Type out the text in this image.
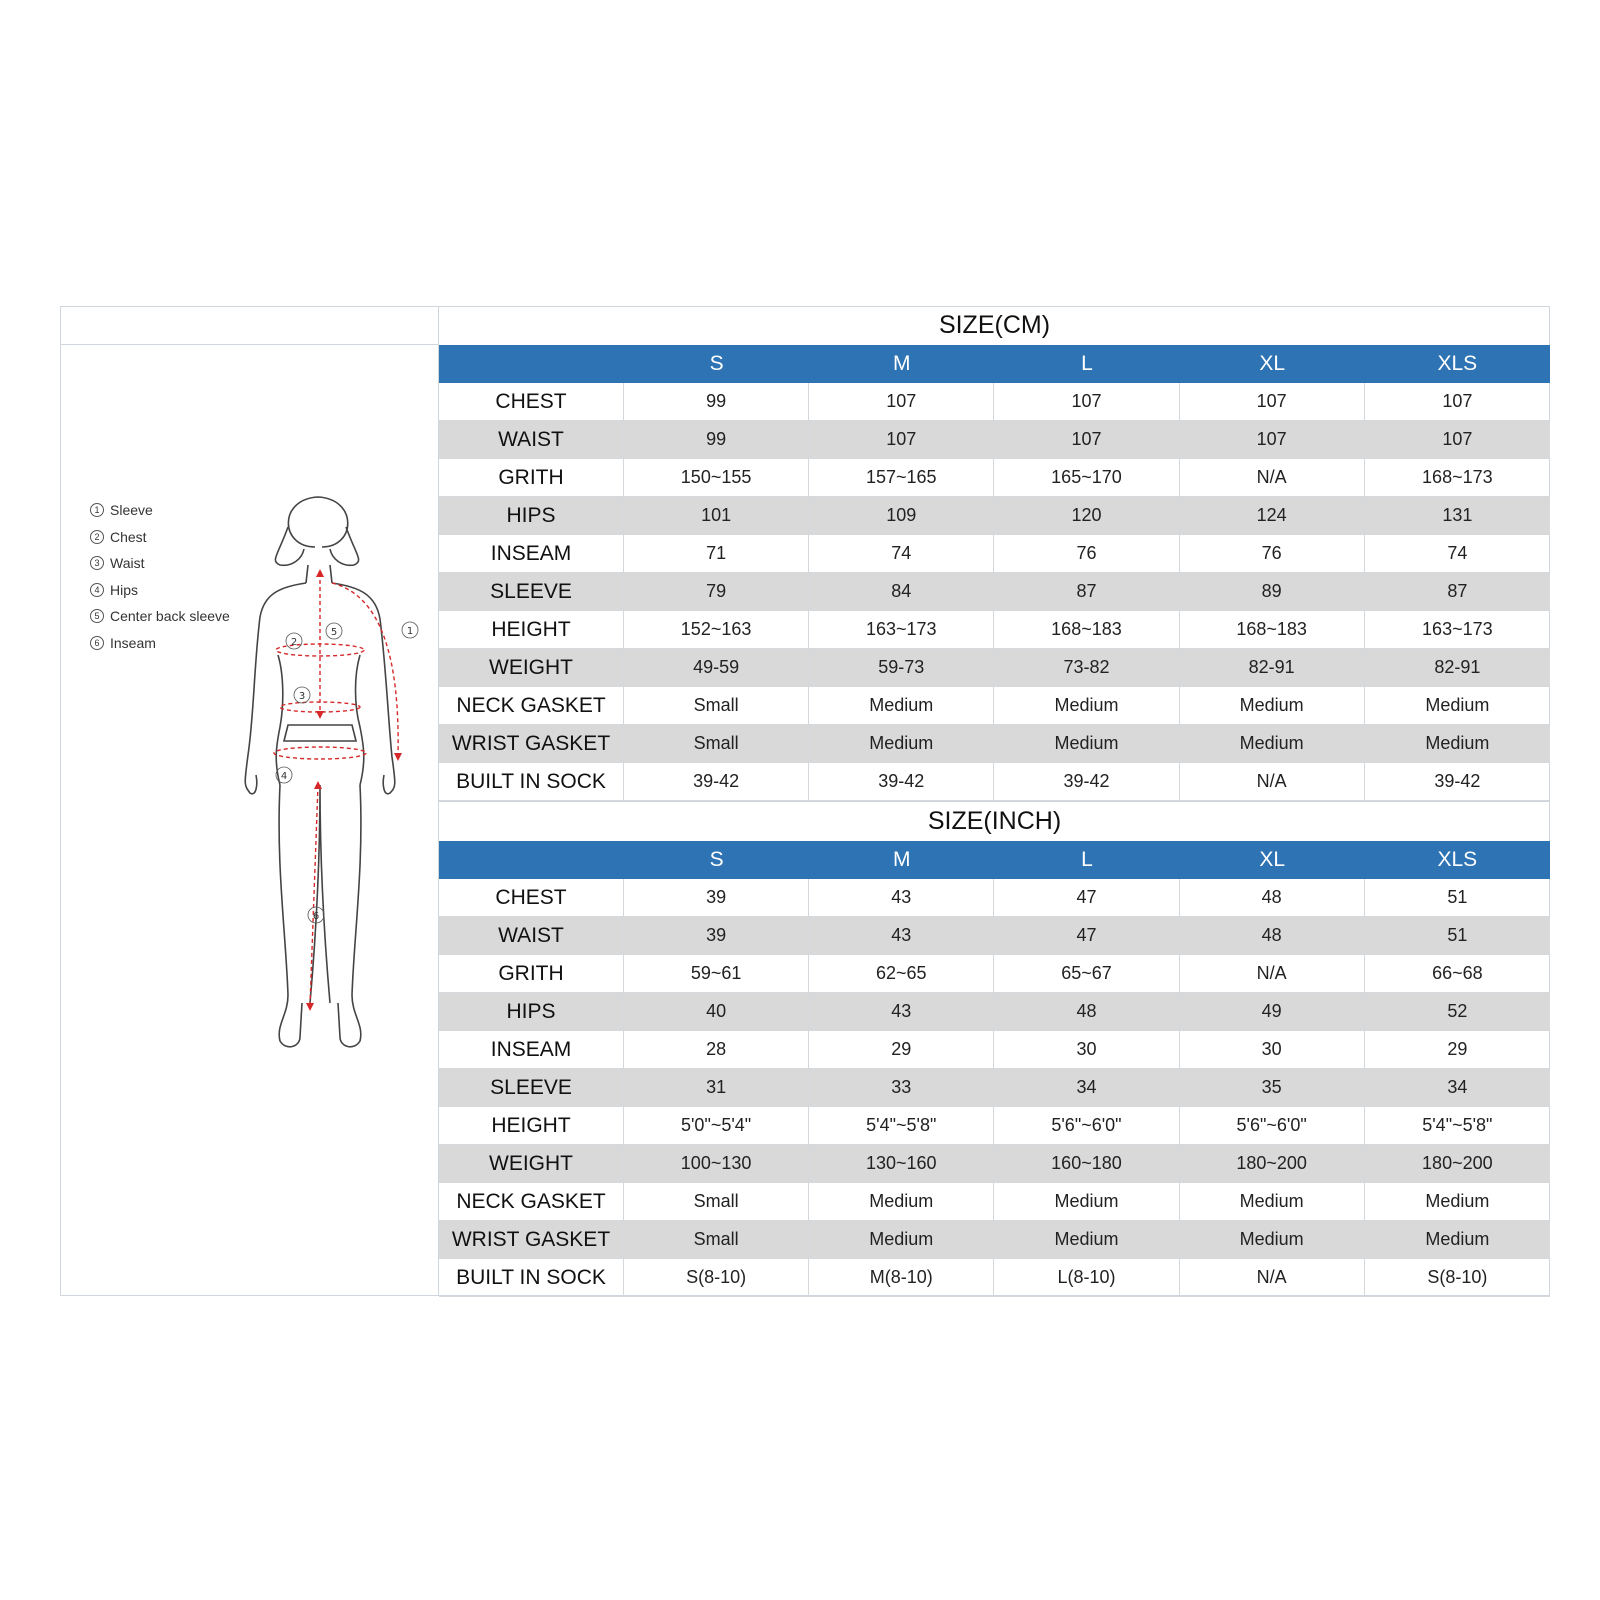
1 Sleeve
2 Chest
3 Waist
4 Hips
5 Center back sleeve
6 Inseam	2
5
3
4
1
6
SIZE(CM)
S	M	L	XL	XLS
CHEST	99	107	107	107	107
WAIST	99	107	107	107	107
GRITH	150~155	157~165	165~170	N/A	168~173
HIPS	101	109	120	124	131
INSEAM	71	74	76	76	74
SLEEVE	79	84	87	89	87
HEIGHT	152~163	163~173	168~183	168~183	163~173
WEIGHT	49-59	59-73	73-82	82-91	82-91
NECK GASKET	Small	Medium	Medium	Medium	Medium
WRIST GASKET	Small	Medium	Medium	Medium	Medium
BUILT IN SOCK	39-42	39-42	39-42	N/A	39-42
SIZE(INCH)
S	M	L	XL	XLS
CHEST	39	43	47	48	51
WAIST	39	43	47	48	51
GRITH	59~61	62~65	65~67	N/A	66~68
HIPS	40	43	48	49	52
INSEAM	28	29	30	30	29
SLEEVE	31	33	34	35	34
HEIGHT	5'0"~5'4"	5'4"~5'8"	5'6"~6'0"	5'6"~6'0"	5'4"~5'8"
WEIGHT	100~130	130~160	160~180	180~200	180~200
NECK GASKET	Small	Medium	Medium	Medium	Medium
WRIST GASKET	Small	Medium	Medium	Medium	Medium
BUILT IN SOCK	S(8-10)	M(8-10)	L(8-10)	N/A	S(8-10)
